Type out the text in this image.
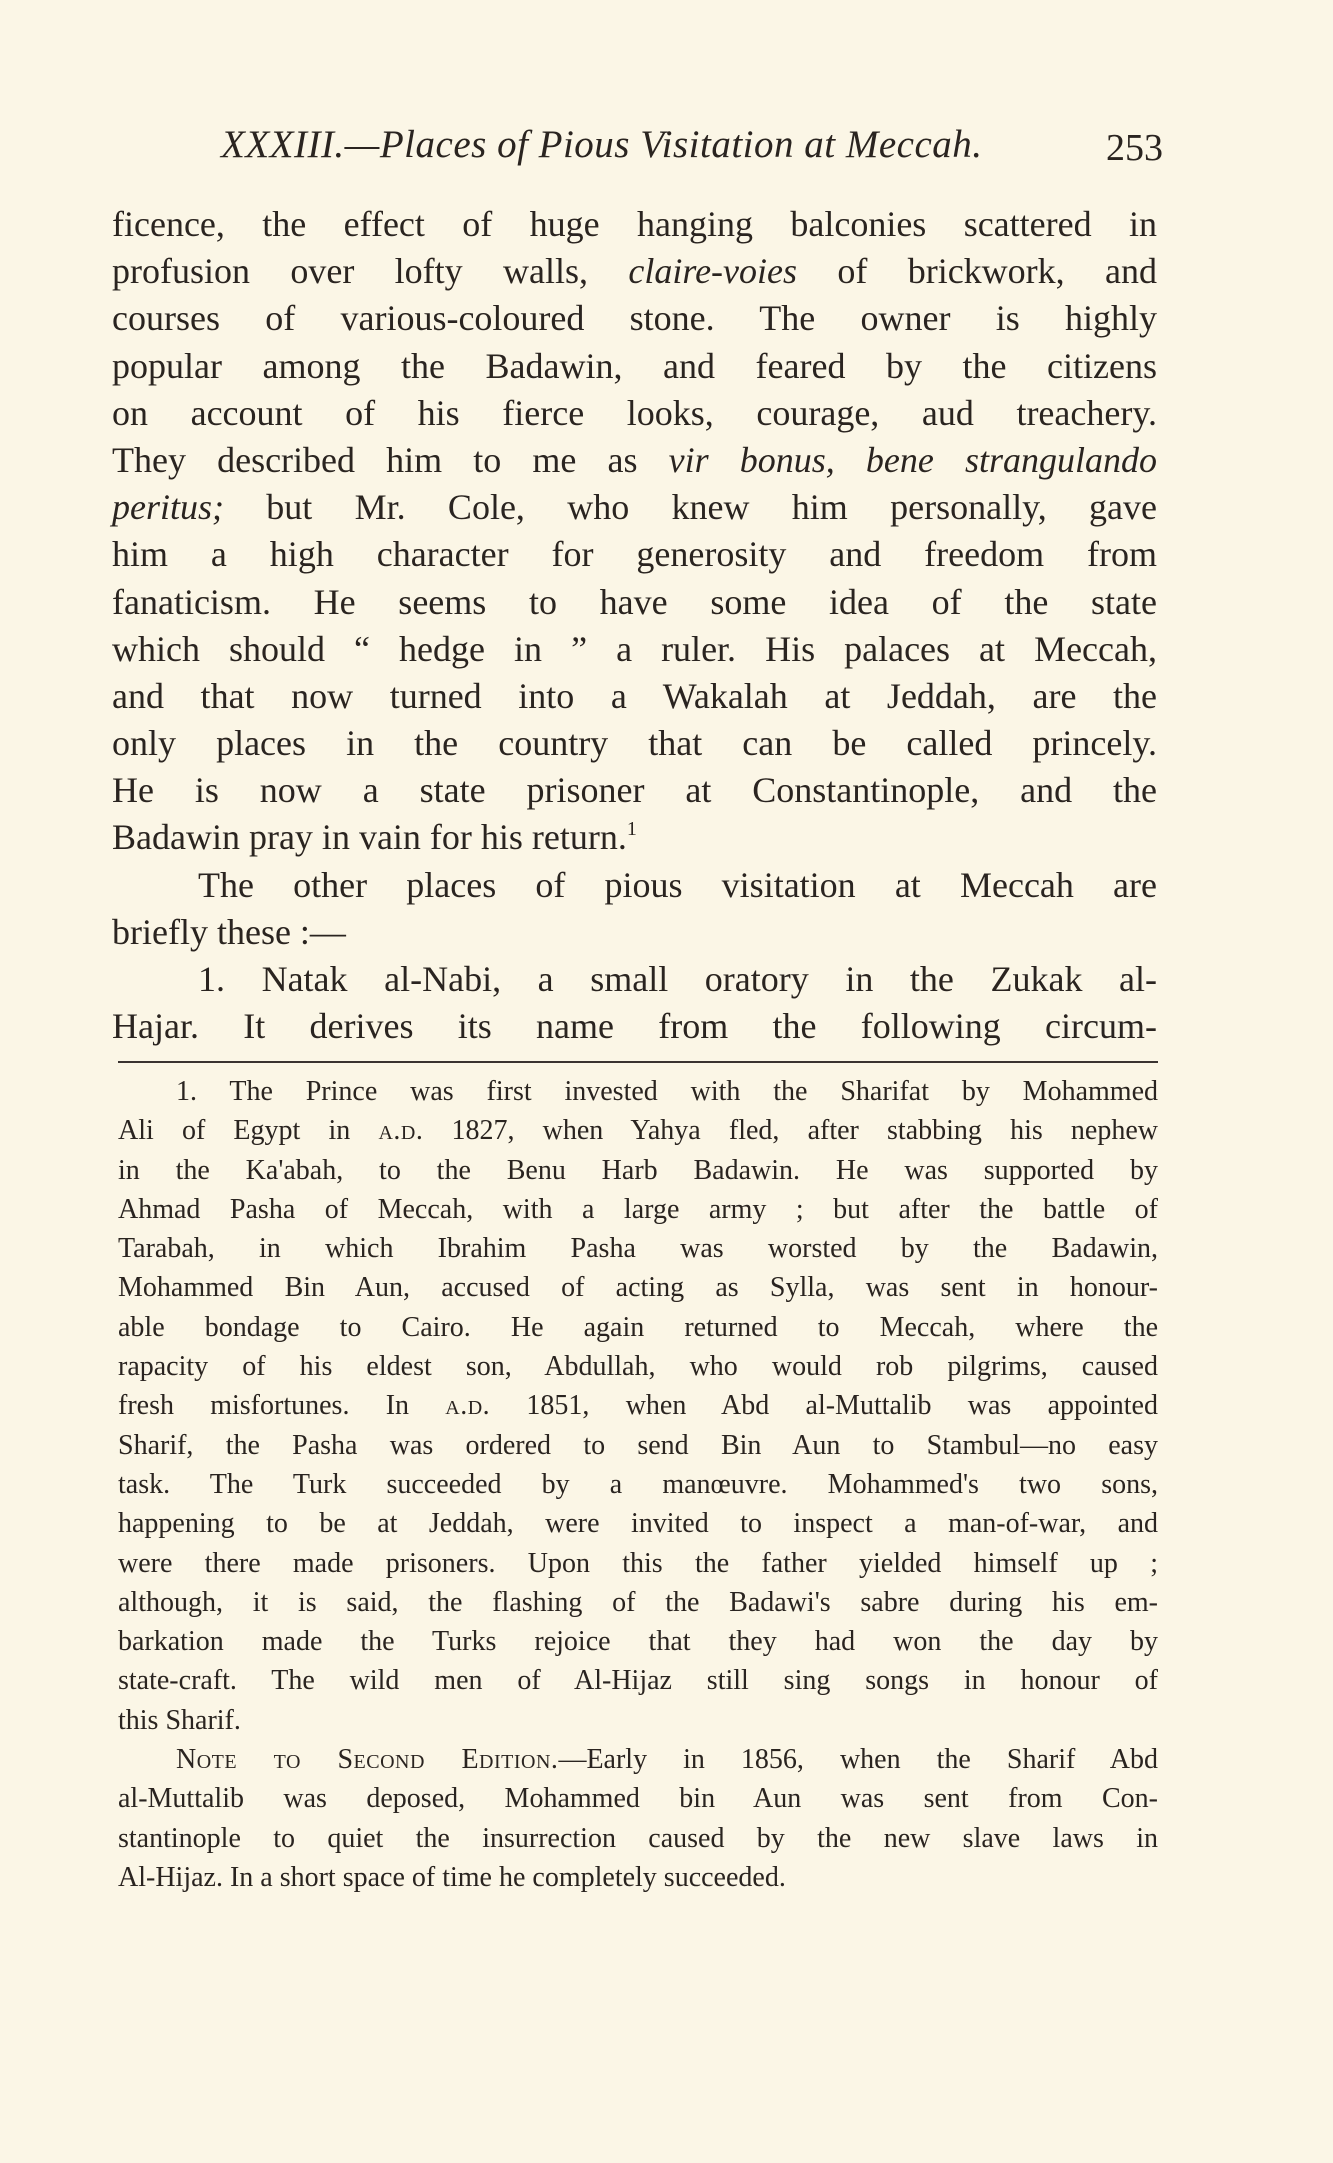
XXXIII.—Places of Pious Visitation at Meccah.	253
ficence, the effect of huge hanging balconies scattered in
profusion over lofty walls, claire-voies of brickwork, and
courses of various-coloured stone. The owner is highly
popular among the Badawin, and feared by the citizens
on account of his fierce looks, courage, aud treachery.
They described him to me as vir bonus, bene strangulando
peritus; but Mr. Cole, who knew him personally, gave
him a high character for generosity and freedom from
fanaticism. He seems to have some idea of the state
which should “ hedge in ” a ruler. His palaces at Meccah,
and that now turned into a Wakalah at Jeddah, are the
only places in the country that can be called princely.
He is now a state prisoner at Constantinople, and the
Badawin pray in vain for his return.$^1$
The other places of pious visitation at Meccah are
briefly these :—
1. Natak al-Nabi, a small oratory in the Zukak al-
Hajar. It derives its name from the following circum-
1. The Prince was first invested with the Sharifat by Mohammed
Ali of Egypt in a.d. 1827, when Yahya fled, after stabbing his nephew
in the Ka'abah, to the Benu Harb Badawin. He was supported by
Ahmad Pasha of Meccah, with a large army ; but after the battle of
Tarabah, in which Ibrahim Pasha was worsted by the Badawin,
Mohammed Bin Aun, accused of acting as Sylla, was sent in honour-
able bondage to Cairo. He again returned to Meccah, where the
rapacity of his eldest son, Abdullah, who would rob pilgrims, caused
fresh misfortunes. In a.d. 1851, when Abd al-Muttalib was appointed
Sharif, the Pasha was ordered to send Bin Aun to Stambul—no easy
task. The Turk succeeded by a manœuvre. Mohammed's two sons,
happening to be at Jeddah, were invited to inspect a man-of-war, and
were there made prisoners. Upon this the father yielded himself up ;
although, it is said, the flashing of the Badawi's sabre during his em-
barkation made the Turks rejoice that they had won the day by
state-craft. The wild men of Al-Hijaz still sing songs in honour of
this Sharif.
Note to Second Edition.—Early in 1856, when the Sharif Abd
al-Muttalib was deposed, Mohammed bin Aun was sent from Con-
stantinople to quiet the insurrection caused by the new slave laws in
Al-Hijaz. In a short space of time he completely succeeded.
